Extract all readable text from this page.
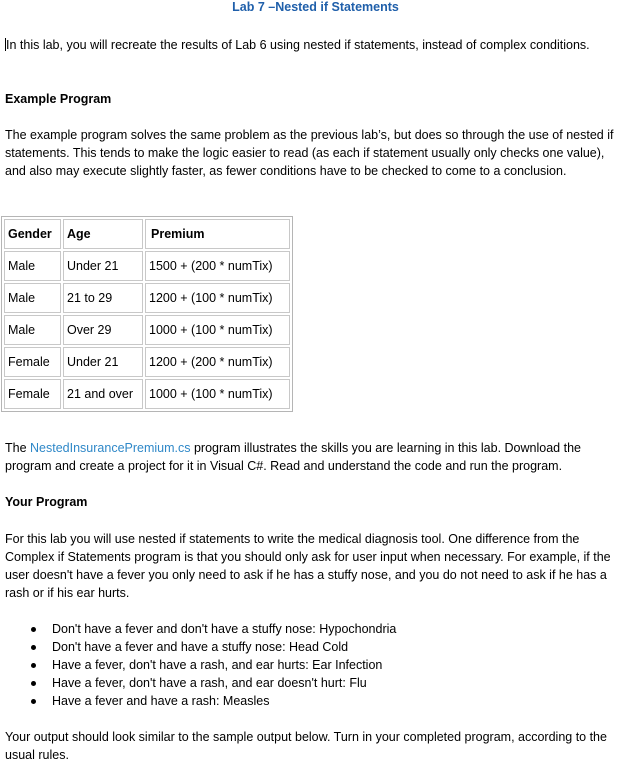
Lab 7 –Nested if Statements
In this lab, you will recreate the results of Lab 6 using nested if statements, instead of complex conditions.
Example Program
The example program solves the same problem as the previous lab’s, but does so through the use of nested if statements. This tends to make the logic easier to read (as each if statement usually only checks one value), and also may execute slightly faster, as fewer conditions have to be checked to come to a conclusion.
Gender	Age	Premium
Male	Under 21	1500 + (200 * numTix)
Male	21 to 29	1200 + (100 * numTix)
Male	Over 29	1000 + (100 * numTix)
Female	Under 21	1200 + (200 * numTix)
Female	21 and over	1000 + (100 * numTix)
The NestedInsurancePremium.cs program illustrates the skills you are learning in this lab. Download the program and create a project for it in Visual C#. Read and understand the code and run the program.
Your Program
For this lab you will use nested if statements to write the medical diagnosis tool. One difference from the Complex if Statements program is that you should only ask for user input when necessary. For example, if the user doesn't have a fever you only need to ask if he has a stuffy nose, and you do not need to ask if he has a rash or if his ear hurts.
Don't have a fever and don't have a stuffy nose: Hypochondria
Don't have a fever and have a stuffy nose: Head Cold
Have a fever, don't have a rash, and ear hurts: Ear Infection
Have a fever, don't have a rash, and ear doesn't hurt: Flu
Have a fever and have a rash: Measles
Your output should look similar to the sample output below. Turn in your completed program, according to the usual rules.
